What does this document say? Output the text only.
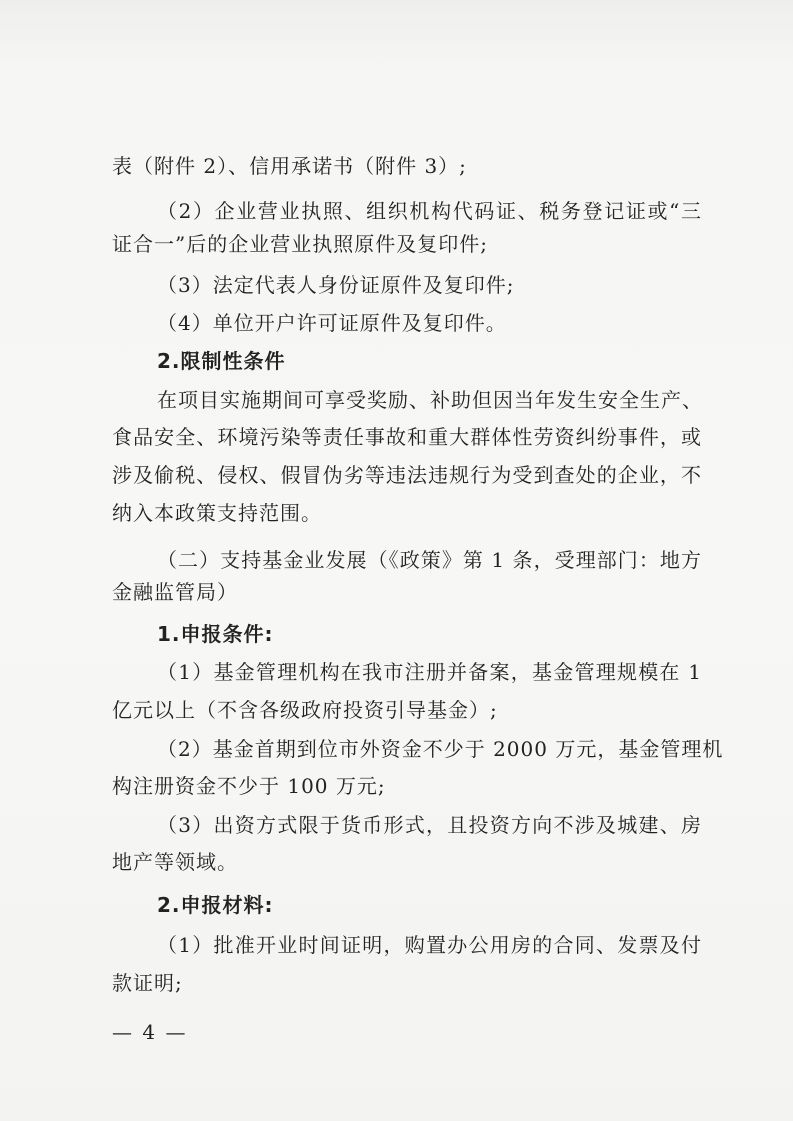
表（附件 2）、信用承诺书（附件 3）;
（2）企业营业执照、组织机构代码证、税务登记证或“三
证合一”后的企业营业执照原件及复印件;
（3）法定代表人身份证原件及复印件;
（4）单位开户许可证原件及复印件。
2.限制性条件
在项目实施期间可享受奖励、补助但因当年发生安全生产、
食品安全、环境污染等责任事故和重大群体性劳资纠纷事件，或
涉及偷税、侵权、假冒伪劣等违法违规行为受到查处的企业，不
纳入本政策支持范围。
（二）支持基金业发展（《政策》第 1 条，受理部门：地方
金融监管局）
1.申报条件:
（1）基金管理机构在我市注册并备案，基金管理规模在 1
亿元以上（不含各级政府投资引导基金）;
（2）基金首期到位市外资金不少于 2000 万元，基金管理机
构注册资金不少于 100 万元;
（3）出资方式限于货币形式，且投资方向不涉及城建、房
地产等领域。
2.申报材料:
（1）批准开业时间证明，购置办公用房的合同、发票及付
款证明;
— 4 —
